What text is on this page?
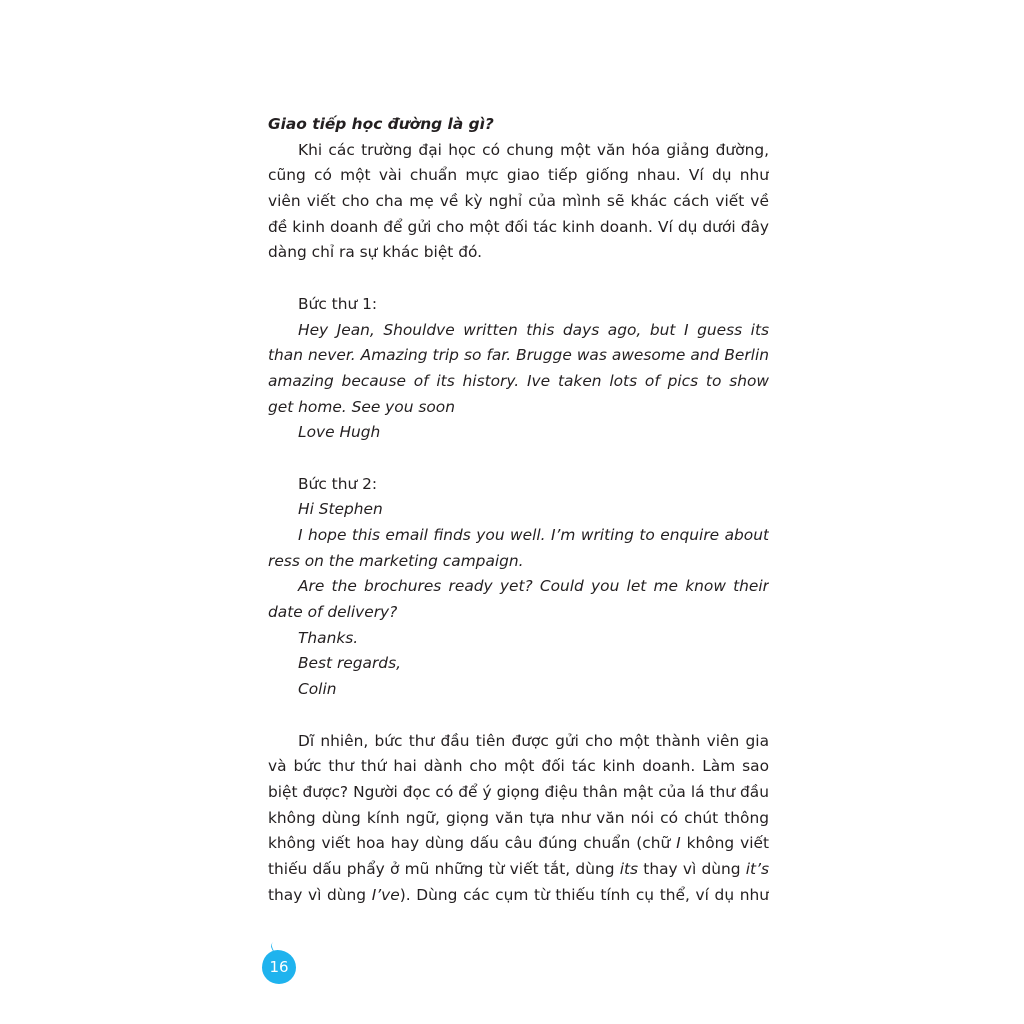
Giao tiếp học đường là gì?
Khi các trường đại học có chung một văn hóa giảng đường,
cũng có một vài chuẩn mực giao tiếp giống nhau. Ví dụ như
viên viết cho cha mẹ về kỳ nghỉ của mình sẽ khác cách viết về
đề kinh doanh để gửi cho một đối tác kinh doanh. Ví dụ dưới đây
dàng chỉ ra sự khác biệt đó.
Bức thư 1:
Hey Jean, Shouldve written this days ago, but I guess its
than never. Amazing trip so far. Brugge was awesome and Berlin
amazing because of its history. Ive taken lots of pics to show
get home. See you soon
Love Hugh
Bức thư 2:
Hi Stephen
I hope this email finds you well. I’m writing to enquire about
ress on the marketing campaign.
Are the brochures ready yet? Could you let me know their
date of delivery?
Thanks.
Best regards,
Colin
Dĩ nhiên, bức thư đầu tiên được gửi cho một thành viên gia
và bức thư thứ hai dành cho một đối tác kinh doanh. Làm sao
biệt được? Người đọc có để ý giọng điệu thân mật của lá thư đầu
không dùng kính ngữ, giọng văn tựa như văn nói có chút thông
không viết hoa hay dùng dấu câu đúng chuẩn (chữ I không viết
thiếu dấu phẩy ở mũ những từ viết tắt, dùng its thay vì dùng it’s
thay vì dùng I’ve). Dùng các cụm từ thiếu tính cụ thể, ví dụ như
16
